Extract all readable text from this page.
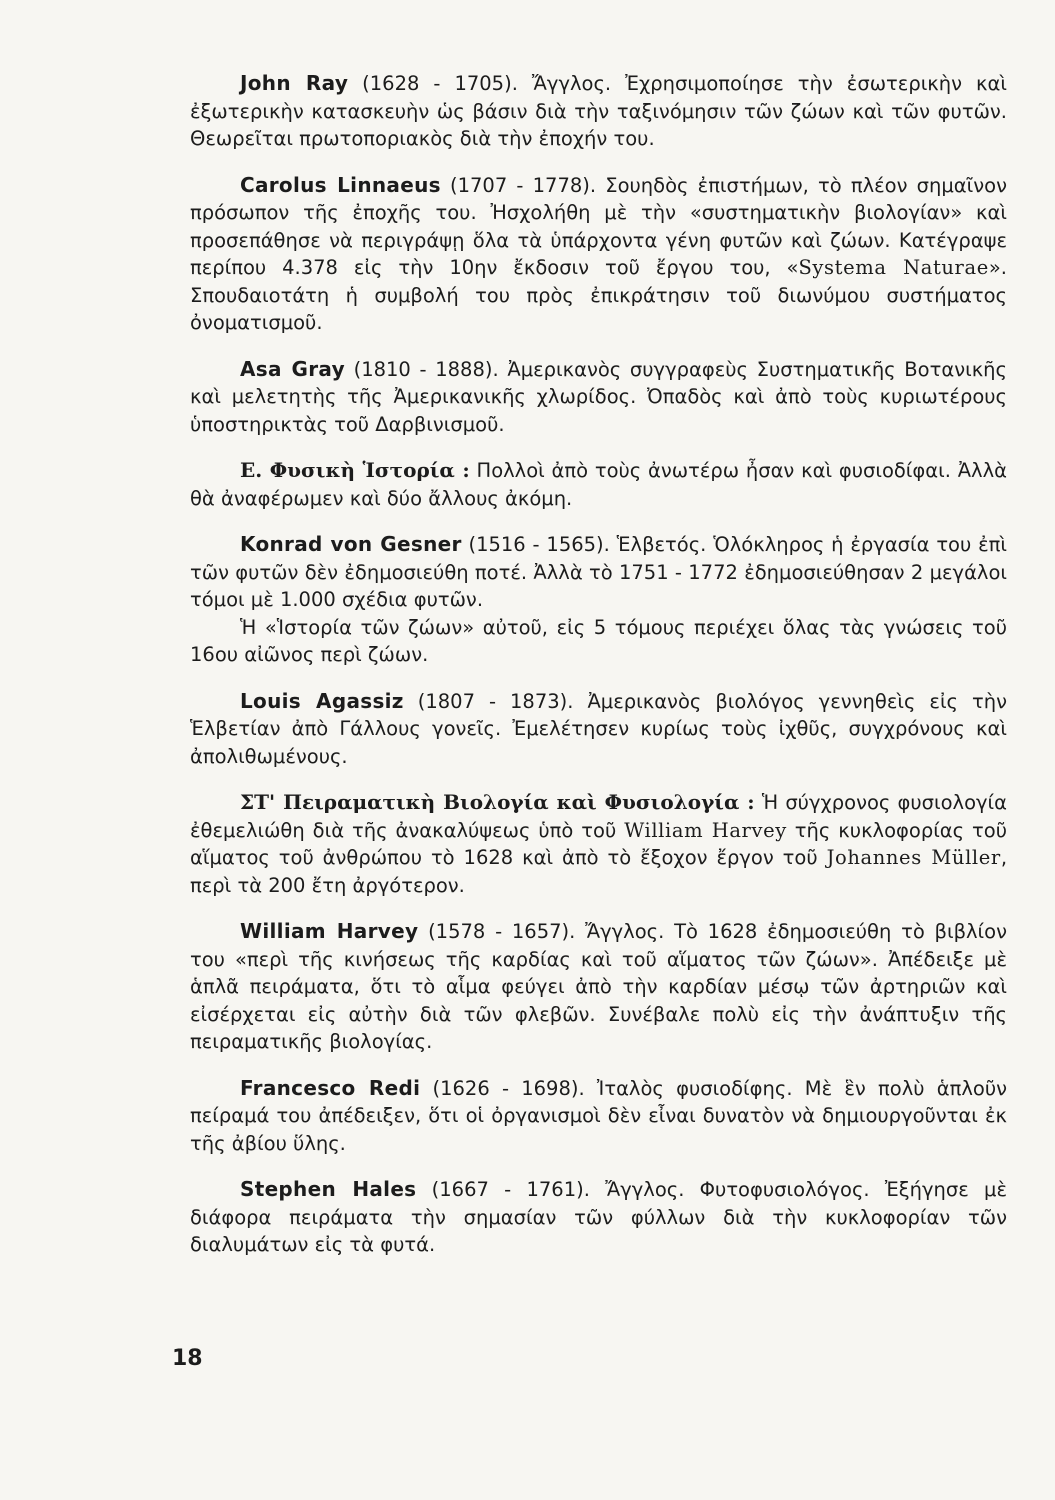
John Ray (1628 - 1705). Ἄγγλος. Ἐχρησιμοποίησε τὴν ἐσωτερικὴν καὶ ἐξωτερικὴν κατασκευὴν ὡς βάσιν διὰ τὴν ταξινόμησιν τῶν ζώων καὶ τῶν φυτῶν. Θεωρεῖται πρωτοποριακὸς διὰ τὴν ἐποχήν του.

Carolus Linnaeus (1707 - 1778). Σουηδὸς ἐπιστήμων, τὸ πλέον σημαῖνον πρόσωπον τῆς ἐποχῆς του. Ἠσχολήθη μὲ τὴν «συστηματικὴν βιολογίαν» καὶ προσεπάθησε νὰ περιγράψῃ ὅλα τὰ ὑπάρχοντα γένη φυτῶν καὶ ζώων. Κατέγραψε περίπου 4.378 εἰς τὴν 10ην ἔκδοσιν τοῦ ἔργου του, «Systema Naturae». Σπουδαιοτάτη ἡ συμβολή του πρὸς ἐπικράτησιν τοῦ διωνύμου συστήματος ὀνοματισμοῦ.

Asa Gray (1810 - 1888). Ἀμερικανὸς συγγραφεὺς Συστηματικῆς Βοτανικῆς καὶ μελετητὴς τῆς Ἀμερικανικῆς χλωρίδος. Ὀπαδὸς καὶ ἀπὸ τοὺς κυριωτέρους ὑποστηρικτὰς τοῦ Δαρβινισμοῦ.

Ε. Φυσικὴ Ἱστορία : Πολλοὶ ἀπὸ τοὺς ἀνωτέρω ἦσαν καὶ φυσιοδίφαι. Ἀλλὰ θὰ ἀναφέρωμεν καὶ δύο ἄλλους ἀκόμη.

Konrad von Gesner (1516 - 1565). Ἑλβετός. Ὁλόκληρος ἡ ἐργασία του ἐπὶ τῶν φυτῶν δὲν ἐδημοσιεύθη ποτέ. Ἀλλὰ τὸ 1751 - 1772 ἐδημοσιεύθησαν 2 μεγάλοι τόμοι μὲ 1.000 σχέδια φυτῶν.

Ἡ «Ἱστορία τῶν ζώων» αὐτοῦ, εἰς 5 τόμους περιέχει ὅλας τὰς γνώσεις τοῦ 16ου αἰῶνος περὶ ζώων.

Louis Agassiz (1807 - 1873). Ἀμερικανὸς βιολόγος γεννηθεὶς εἰς τὴν Ἑλβετίαν ἀπὸ Γάλλους γονεῖς. Ἐμελέτησεν κυρίως τοὺς ἰχθῦς, συγχρόνους καὶ ἀπολιθωμένους.

ΣΤ' Πειραματικὴ Βιολογία καὶ Φυσιολογία : Ἡ σύγχρονος φυσιολογία ἐθεμελιώθη διὰ τῆς ἀνακαλύψεως ὑπὸ τοῦ William Harvey τῆς κυκλοφορίας τοῦ αἵματος τοῦ ἀνθρώπου τὸ 1628 καὶ ἀπὸ τὸ ἔξοχον ἔργον τοῦ Johannes Müller, περὶ τὰ 200 ἔτη ἀργότερον.

William Harvey (1578 - 1657). Ἄγγλος. Τὸ 1628 ἐδημοσιεύθη τὸ βιβλίον του «περὶ τῆς κινήσεως τῆς καρδίας καὶ τοῦ αἵματος τῶν ζώων». Ἀπέδειξε μὲ ἁπλᾶ πειράματα, ὅτι τὸ αἷμα φεύγει ἀπὸ τὴν καρδίαν μέσῳ τῶν ἀρτηριῶν καὶ εἰσέρχεται εἰς αὐτὴν διὰ τῶν φλεβῶν. Συνέβαλε πολὺ εἰς τὴν ἀνάπτυξιν τῆς πειραματικῆς βιολογίας.

Francesco Redi (1626 - 1698). Ἰταλὸς φυσιοδίφης. Μὲ ἓν πολὺ ἁπλοῦν πείραμά του ἀπέδειξεν, ὅτι οἱ ὀργανισμοὶ δὲν εἶναι δυνατὸν νὰ δημιουργοῦνται ἐκ τῆς ἀβίου ὕλης.

Stephen Hales (1667 - 1761). Ἄγγλος. Φυτοφυσιολόγος. Ἐξήγησε μὲ διάφορα πειράματα τὴν σημασίαν τῶν φύλλων διὰ τὴν κυκλοφορίαν τῶν διαλυμάτων εἰς τὰ φυτά.

18
